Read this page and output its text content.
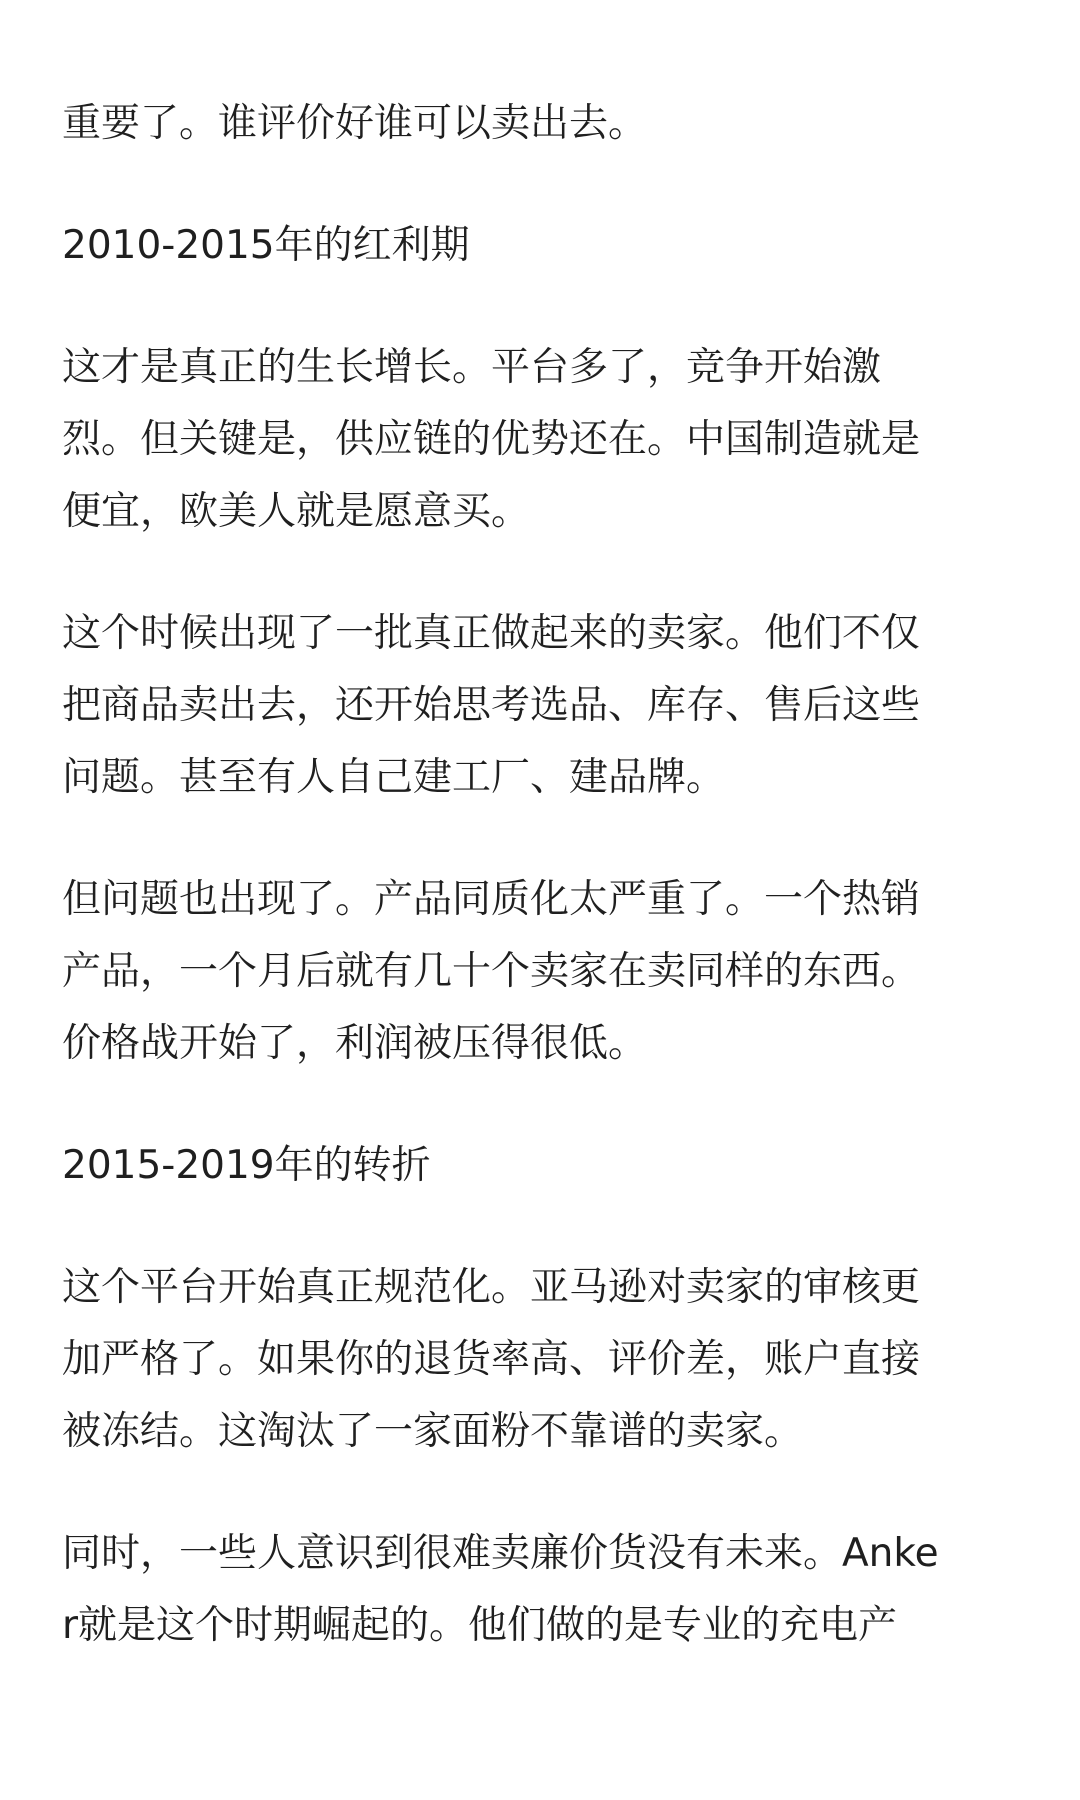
重要了。谁评价好谁可以卖出去。

2010-2015年的红利期

这才是真正的生长增长。平台多了，竞争开始激
烈。但关键是，供应链的优势还在。中国制造就是
便宜，欧美人就是愿意买。

这个时候出现了一批真正做起来的卖家。他们不仅
把商品卖出去，还开始思考选品、库存、售后这些
问题。甚至有人自己建工厂、建品牌。

但问题也出现了。产品同质化太严重了。一个热销
产品，一个月后就有几十个卖家在卖同样的东西。
价格战开始了，利润被压得很低。

2015-2019年的转折

这个平台开始真正规范化。亚马逊对卖家的审核更
加严格了。如果你的退货率高、评价差，账户直接
被冻结。这淘汰了一家面粉不靠谱的卖家。

同时，一些人意识到很难卖廉价货没有未来。Anke
r就是这个时期崛起的。他们做的是专业的充电产
